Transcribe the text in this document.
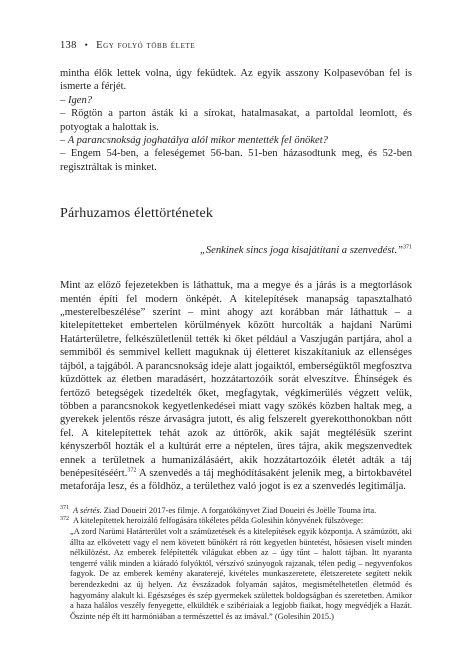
138 • Egy folyó több élete

mintha élők lettek volna, úgy feküdtek. Az egyik asszony Kolpasevóban fel is ismerte a férjét.

– Igen?

– Rögtön a parton ásták ki a sírokat, hatalmasakat, a partoldal leomlott, és potyogtak a halottak is.

– A parancsnokság joghatálya alól mikor mentették fel önöket?

– Engem 54-ben, a feleségemet 56-ban. 51-ben házasodtunk meg, és 52-ben regisztráltak is minket.

Párhuzamos élettörténetek
„Senkinek sincs joga kisajátítani a szenvedést.”$^{371}$

Mint az előző fejezetekben is láthattuk, ma a megye és a járás is a megtorlások mentén építi fel modern önképét. A kitelepítések manapság tapasztalható „mesterelbeszélése” szerint – mint ahogy azt korábban már láthattuk – a kitelepítetteket embertelen körülmények között hurcolták a hajdani Narümi Határterületre, felkészületlenül tették ki őket például a Vaszjugán partjára, ahol a semmiből és semmivel kellett maguknak új életteret kiszakítaniuk az ellenséges tájból, a tajgából. A parancsnokság ideje alatt jogaiktól, emberségüktől megfosztva küzdöttek az életben maradásért, hozzátartozóik sorát elveszítve. Éhínségek és fertőző betegségek tizedelték őket, megfagytak, végkimerülés végzett velük, többen a parancsnokok kegyetlenkedései miatt vagy szökés közben haltak meg, a gyerekek jelentős része árvaságra jutott, és alig felszerelt gyerekotthonokban nőtt fel. A kitelepítettek tehát azok az úttörők, akik saját megtélésük szerint kényszerből hozták el a kultúrát erre a néptelen, üres tájra, akik megszenvedtek ennek a területnek a humanizálásáért, akik hozzátartozóik életét adták a táj benépesítéséért.$^{372}$ A szenvedés a táj meghódításaként jelenik meg, a birtokbavétel metaforája lesz, és a földhöz, a területhez való jogot is ez a szenvedés legitimálja.

$^{371}$ A sértés. Ziad Doueiri 2017-es filmje. A forgatókönyvet Ziad Doueiri és Joëlle Touma írta.

$^{372}$ A kitelepítettek heroizáló felfogására tökéletes példa Golesihin könyvének fülszövege:

„A zord Narümi Határterület volt a számüzetések és a kitelepítések egyik központja. A számüzött, aki állta az elkövetett vagy el nem követett bűnökért rá rótt kegyetlen büntetést, hősiesen viselt minden nélkülözést. Az emberek felépítették világukat ebben az – úgy tűnt – halott tájban. Itt nyaranta tengerré válik minden a kiáradó folyóktól, vérszívó szúnyogok rajzanak, télen pedig – negyvenfokos fagyok. De az emberek kemény akaraterejé, kivételes munkaszeretete, életszeretete segített nekik berendezkedni az új helyen. Az évszázadok folyamán sajátos, megismételhetetlen életmód és hagyomány alakult ki. Egészséges és szép gyermekek születtek boldogságban és szeretetben. Amikor a haza halálos veszély fenyegette, elküldték e szibériaiak a legjobb fiaikat, hogy megvédjék a Hazát. Őszinte nép élt itt harmóniában a természettel és az imával.” (Golesihin 2015.)
